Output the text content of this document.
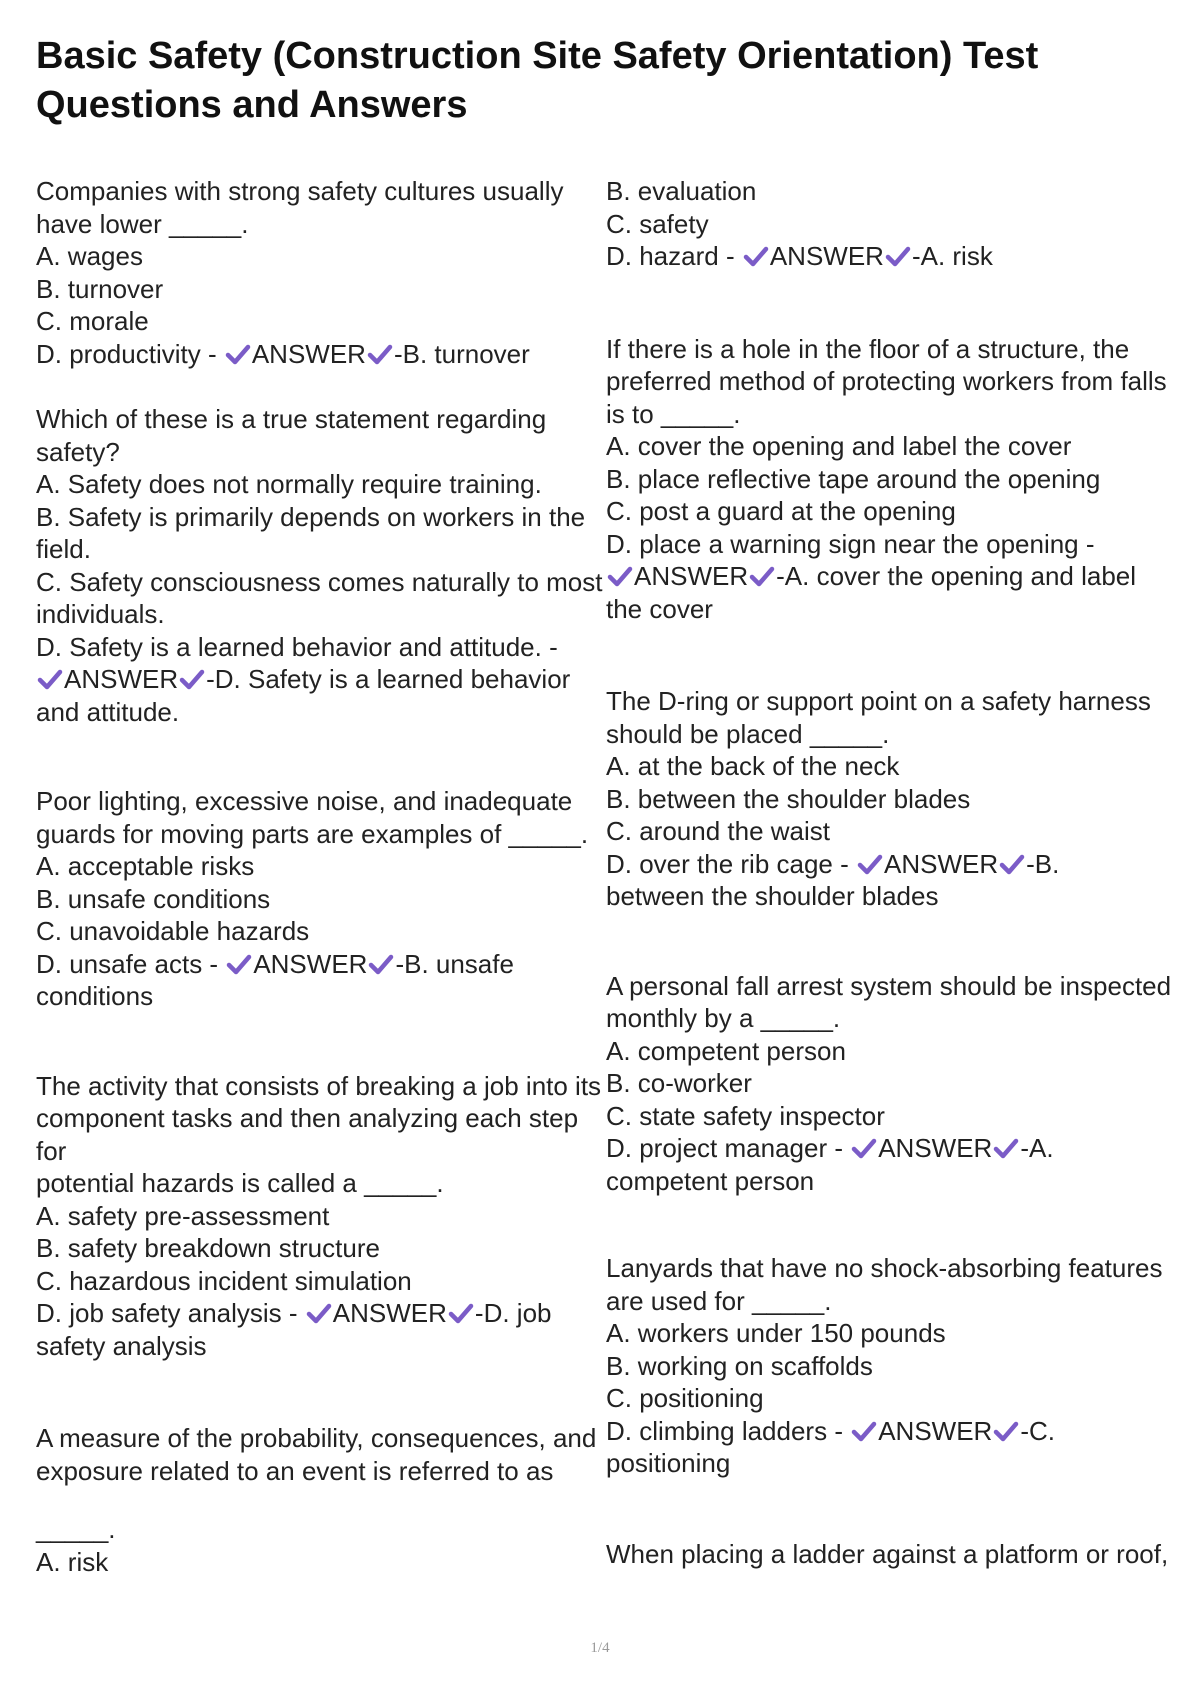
Basic Safety (Construction Site Safety Orientation) Test Questions and Answers
Companies with strong safety cultures usually
have lower _____.
A. wages
B. turnover
C. morale
D. productivity -
ANSWER -B. turnover
Which of these is a true statement regarding
safety?
A. Safety does not normally require training.
B. Safety is primarily depends on workers in the
field.
C. Safety consciousness comes naturally to most
individuals.
D. Safety is a learned behavior and attitude. -
ANSWER -D. Safety is a learned behavior
and attitude.
Poor lighting, excessive noise, and inadequate
guards for moving parts are examples of _____.
A. acceptable risks
B. unsafe conditions
C. unavoidable hazards
D. unsafe acts -
ANSWER -B. unsafe
conditions
The activity that consists of breaking a job into its
component tasks and then analyzing each step
for
potential hazards is called a _____.
A. safety pre-assessment
B. safety breakdown structure
C. hazardous incident simulation
D. job safety analysis -
ANSWER -D. job
safety analysis
A measure of the probability, consequences, and
exposure related to an event is referred to as
_____.
A. risk
B. evaluation
C. safety
D. hazard -
ANSWER -A. risk
If there is a hole in the floor of a structure, the
preferred method of protecting workers from falls
is to _____.
A. cover the opening and label the cover
B. place reflective tape around the opening
C. post a guard at the opening
D. place a warning sign near the opening -
ANSWER -A. cover the opening and label
the cover
The D-ring or support point on a safety harness
should be placed _____.
A. at the back of the neck
B. between the shoulder blades
C. around the waist
D. over the rib cage -
ANSWER -B.
between the shoulder blades
A personal fall arrest system should be inspected
monthly by a _____.
A. competent person
B. co-worker
C. state safety inspector
D. project manager -
ANSWER -A.
competent person
Lanyards that have no shock-absorbing features
are used for _____.
A. workers under 150 pounds
B. working on scaffolds
C. positioning
D. climbing ladders -
ANSWER -C.
positioning
When placing a ladder against a platform or roof,
1/4
